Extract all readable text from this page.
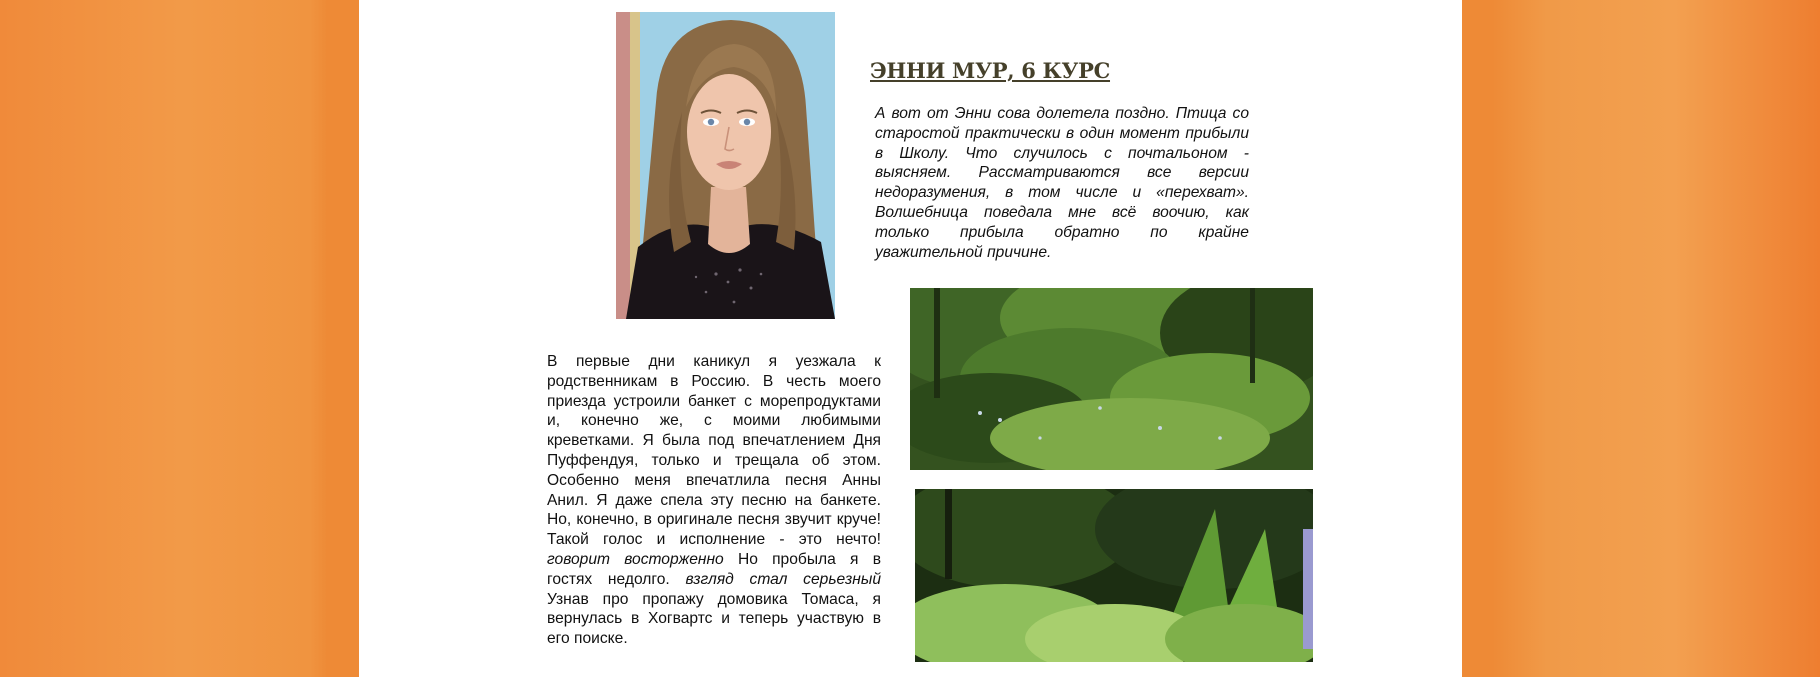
ЭННИ МУР, 6 КУРС

А вот от Энни сова долетела поздно. Птица со старостой практически в один момент прибыли в Школу. Что случилось с почтальоном - выясняем. Рассматриваются все версии недоразумения, в том числе и «перехват». Волшебница поведала мне всё воочию, как только прибыла обратно по крайне уважительной причине.

В первые дни каникул я уезжала к родственникам в Россию. В честь моего приезда устроили банкет с морепродуктами и, конечно же, с моими любимыми креветками. Я была под впечатлением Дня Пуффендуя, только и трещала об этом. Особенно меня впечатлила песня Анны Анил. Я даже спела эту песню на банкете. Но, конечно, в оригинале песня звучит круче! Такой голос и исполнение - это нечто! говорит восторженно Но пробыла я в гостях недолго. взгляд стал серьезный Узнав про пропажу домовика Томаса, я вернулась в Хогвартс и теперь участвую в его поиске.
